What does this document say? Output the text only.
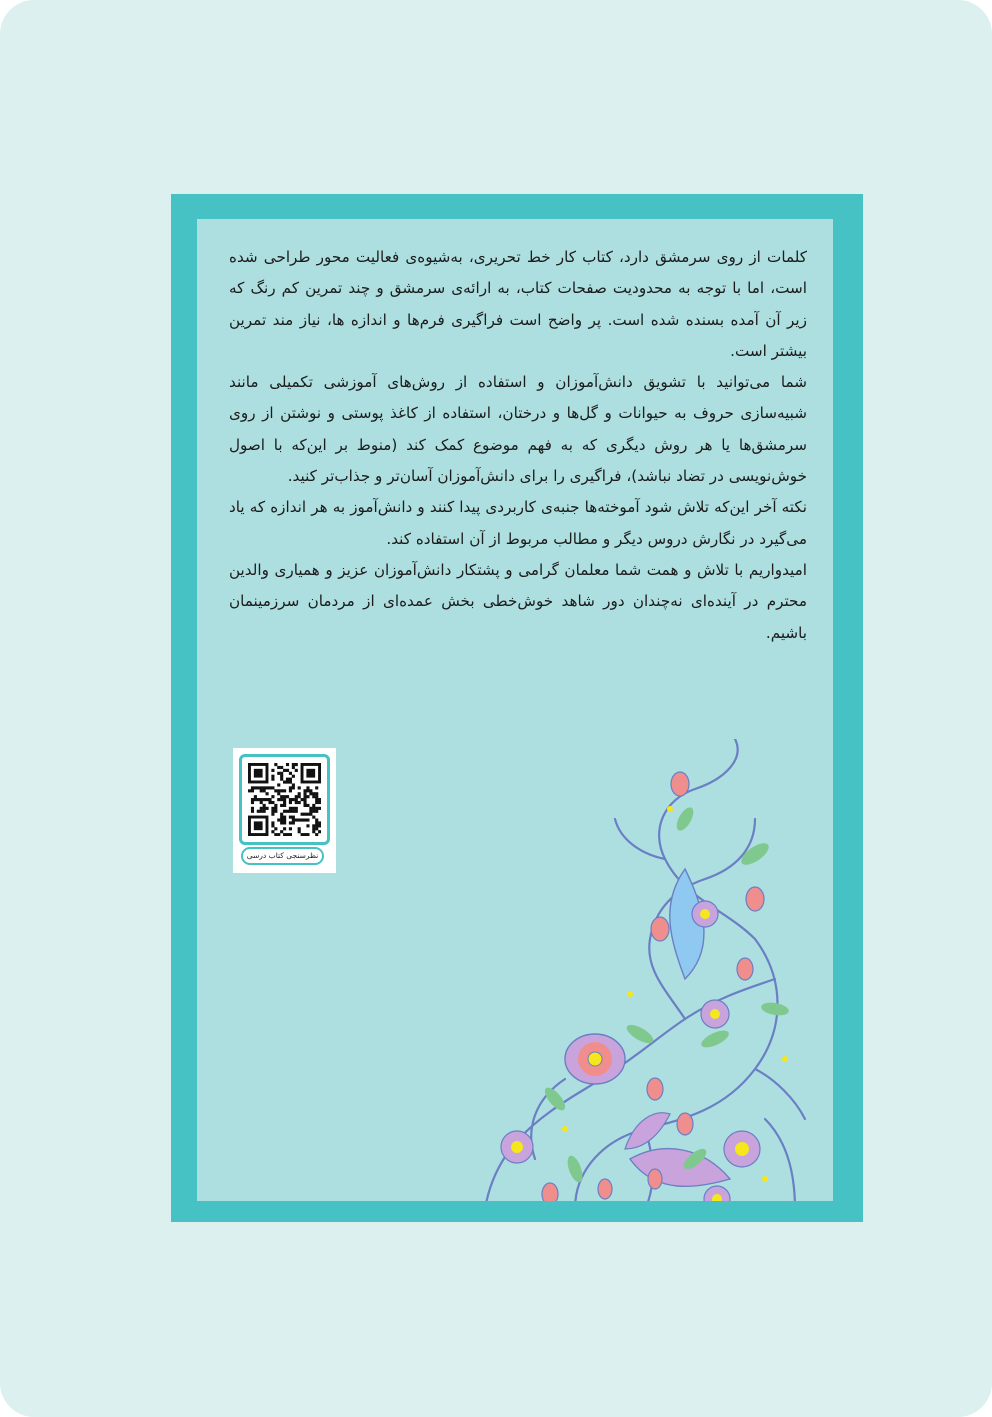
کلمات از روی سرمشق دارد، کتاب کار خط تحریری، به‌شیوه‌ی فعالیت محور طراحی شده است، اما با توجه به محدودیت صفحات کتاب، به ارائه‌ی سرمشق و چند تمرین کم رنگ که زیر آن آمده بسنده شده است. پر واضح است فراگیری فرم‌ها و اندازه ها، نیاز مند تمرین بیشتر است.

شما می‌توانید با تشویق دانش‌آموزان و استفاده از روش‌های آموزشی تکمیلی مانند شبیه‌سازی حروف به حیوانات و گل‌ها و درختان، استفاده از کاغذ پوستی و نوشتن از روی سرمشق‌ها یا هر روش دیگری که به فهم موضوع کمک کند (منوط بر این‌که با اصول خوش‌نویسی در تضاد نباشد)، فراگیری را برای دانش‌آموزان آسان‌تر و جذاب‌تر کنید.

نکته آخر این‌که تلاش شود آموخته‌ها جنبه‌ی کاربردی پیدا کنند و دانش‌آموز به هر اندازه که یاد می‌گیرد در نگارش دروس دیگر و مطالب مربوط از آن استفاده کند.

امیدواریم با تلاش و همت شما معلمان گرامی و پشتکار دانش‌آموزان عزیز و همیاری والدین محترم در آینده‌ای نه‌چندان دور شاهد خوش‌خطی بخش عمده‌ای از مردمان سرزمینمان باشیم.

نظرسنجی کتاب درسی
